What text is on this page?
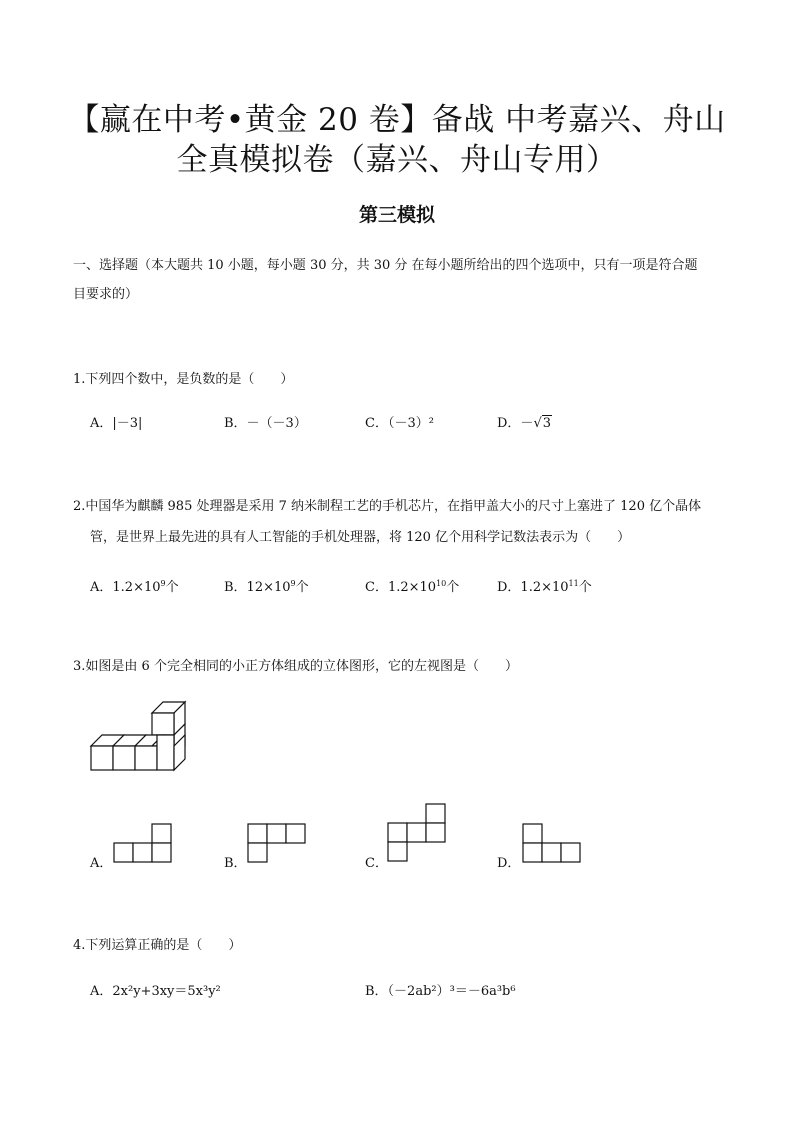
【赢在中考•黄金 20 卷】备战 中考嘉兴、舟山
全真模拟卷（嘉兴、舟山专用）
第三模拟
一、选择题（本大题共 10 小题，每小题 30 分，共 30 分 在每小题所给出的四个选项中，只有一项是符合题
目要求的）
1.下列四个数中，是负数的是（　　）
A．|－3|	B．－（－3）	C．（－3）²	D．－√3
2.中国华为麒麟 985 处理器是采用 7 纳米制程工艺的手机芯片，在指甲盖大小的尺寸上塞进了 120 亿个晶体
管，是世界上最先进的具有人工智能的手机处理器，将 120 亿个用科学记数法表示为（　　）
A．$1.2\times 10^9$个	B．$12\times 10^9$个	C．$1.2\times 10^{10}$个	D．$1.2\times 10^{11}$个
3.如图是由 6 个完全相同的小正方体组成的立体图形，它的左视图是（　　）
A．	B．	C．	D．
4.下列运算正确的是（　　）
A．2x²y+3xy＝5x³y²	B．（－2ab²）³＝－6a³b⁶
